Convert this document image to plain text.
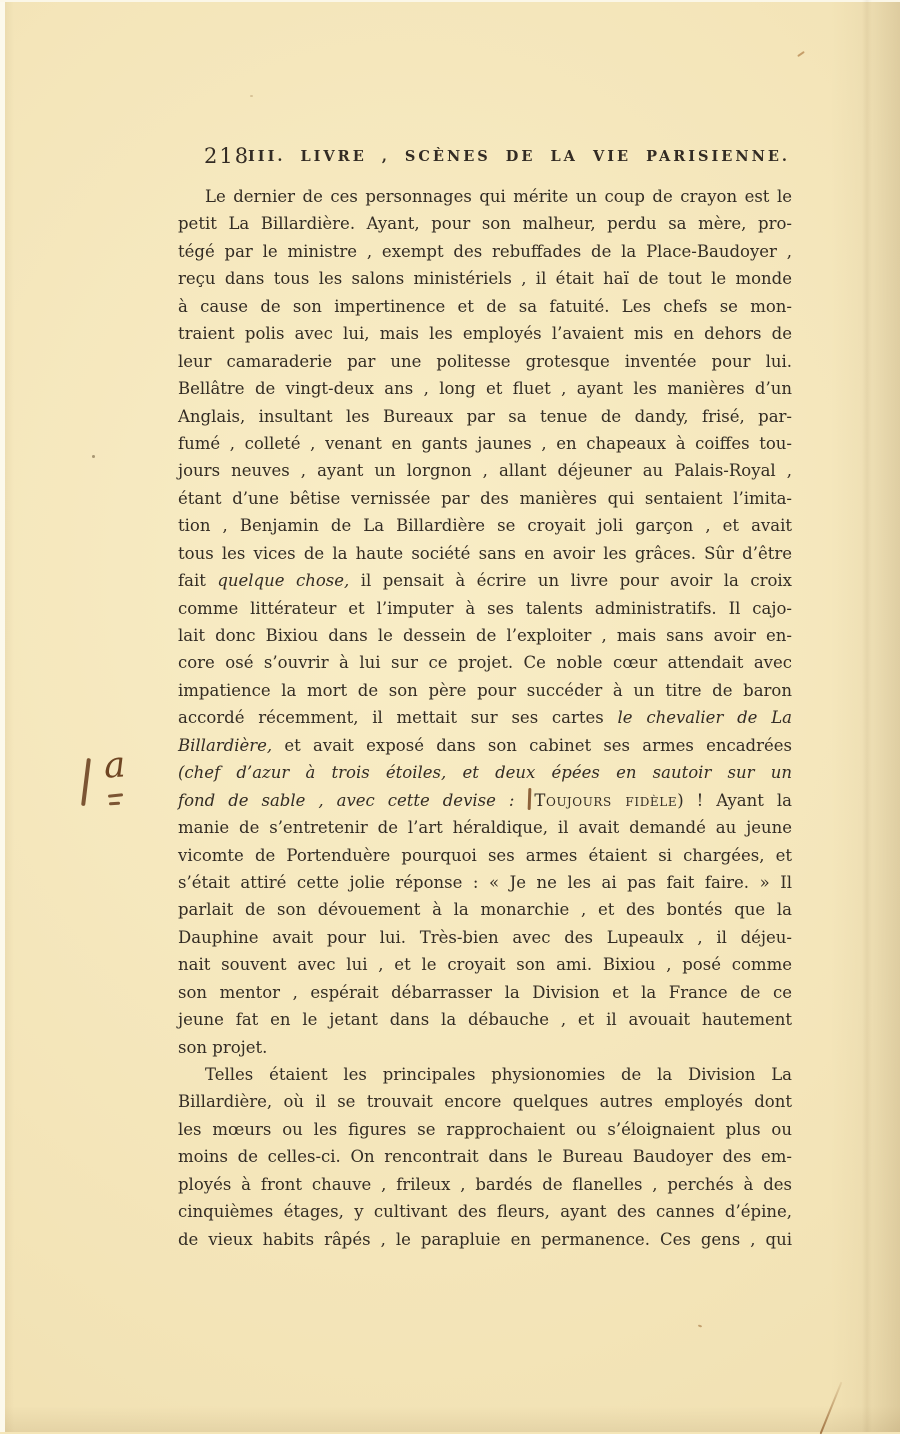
218
III. LIVRE , SCÈNES DE LA VIE PARISIENNE.
Le dernier de ces personnages qui mérite un coup de crayon est le
petit La Billardière. Ayant, pour son malheur, perdu sa mère, pro-
tégé par le ministre , exempt des rebuffades de la Place-Baudoyer ,
reçu dans tous les salons ministériels , il était haï de tout le monde
à cause de son impertinence et de sa fatuité. Les chefs se mon-
traient polis avec lui, mais les employés l’avaient mis en dehors de
leur camaraderie par une politesse grotesque inventée pour lui.
Bellâtre de vingt-deux ans , long et fluet , ayant les manières d’un
Anglais, insultant les Bureaux par sa tenue de dandy, frisé, par-
fumé , colleté , venant en gants jaunes , en chapeaux à coiffes tou-
jours neuves , ayant un lorgnon , allant déjeuner au Palais-Royal ,
étant d’une bêtise vernissée par des manières qui sentaient l’imita-
tion , Benjamin de La Billardière se croyait joli garçon , et avait
tous les vices de la haute société sans en avoir les grâces. Sûr d’être
fait quelque chose, il pensait à écrire un livre pour avoir la croix
comme littérateur et l’imputer à ses talents administratifs. Il cajo-
lait donc Bixiou dans le dessein de l’exploiter , mais sans avoir en-
core osé s’ouvrir à lui sur ce projet. Ce noble cœur attendait avec
impatience la mort de son père pour succéder à un titre de baron
accordé récemment, il mettait sur ses cartes le chevalier de La
Billardière, et avait exposé dans son cabinet ses armes encadrées
(chef d’azur à trois étoiles, et deux épées en sautoir sur un
fond de sable , avec cette devise : Toujours fidèle) ! Ayant la
manie de s’entretenir de l’art héraldique, il avait demandé au jeune
vicomte de Portenduère pourquoi ses armes étaient si chargées, et
s’était attiré cette jolie réponse : « Je ne les ai pas fait faire. » Il
parlait de son dévouement à la monarchie , et des bontés que la
Dauphine avait pour lui. Très-bien avec des Lupeaulx , il déjeu-
nait souvent avec lui , et le croyait son ami. Bixiou , posé comme
son mentor , espérait débarrasser la Division et la France de ce
jeune fat en le jetant dans la débauche , et il avouait hautement
son projet.
Telles étaient les principales physionomies de la Division La
Billardière, où il se trouvait encore quelques autres employés dont
les mœurs ou les figures se rapprochaient ou s’éloignaient plus ou
moins de celles-ci. On rencontrait dans le Bureau Baudoyer des em-
ployés à front chauve , frileux , bardés de flanelles , perchés à des
cinquièmes étages, y cultivant des fleurs, ayant des cannes d’épine,
de vieux habits râpés , le parapluie en permanence. Ces gens , qui
a
